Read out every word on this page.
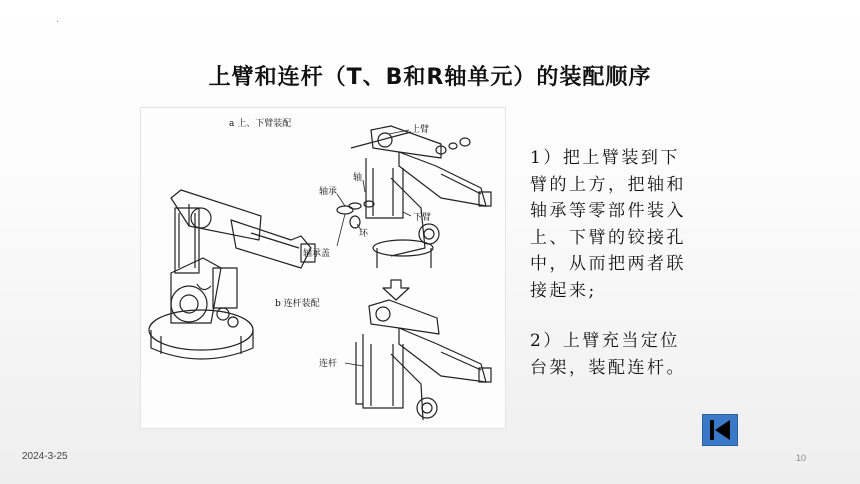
.
上臂和连杆（T、B和R轴单元）的装配顺序
a 上、下臂装配
上臂
轴
轴承
下臂
环
轴承盖
b 连杆装配
连杆

1）把上臂装到下

臂的上方，把轴和

轴承等零部件装入

上、下臂的铰接孔

中，从而把两者联

接起来;

2）上臂充当定位

台架，装配连杆。

2024-3-25	10
